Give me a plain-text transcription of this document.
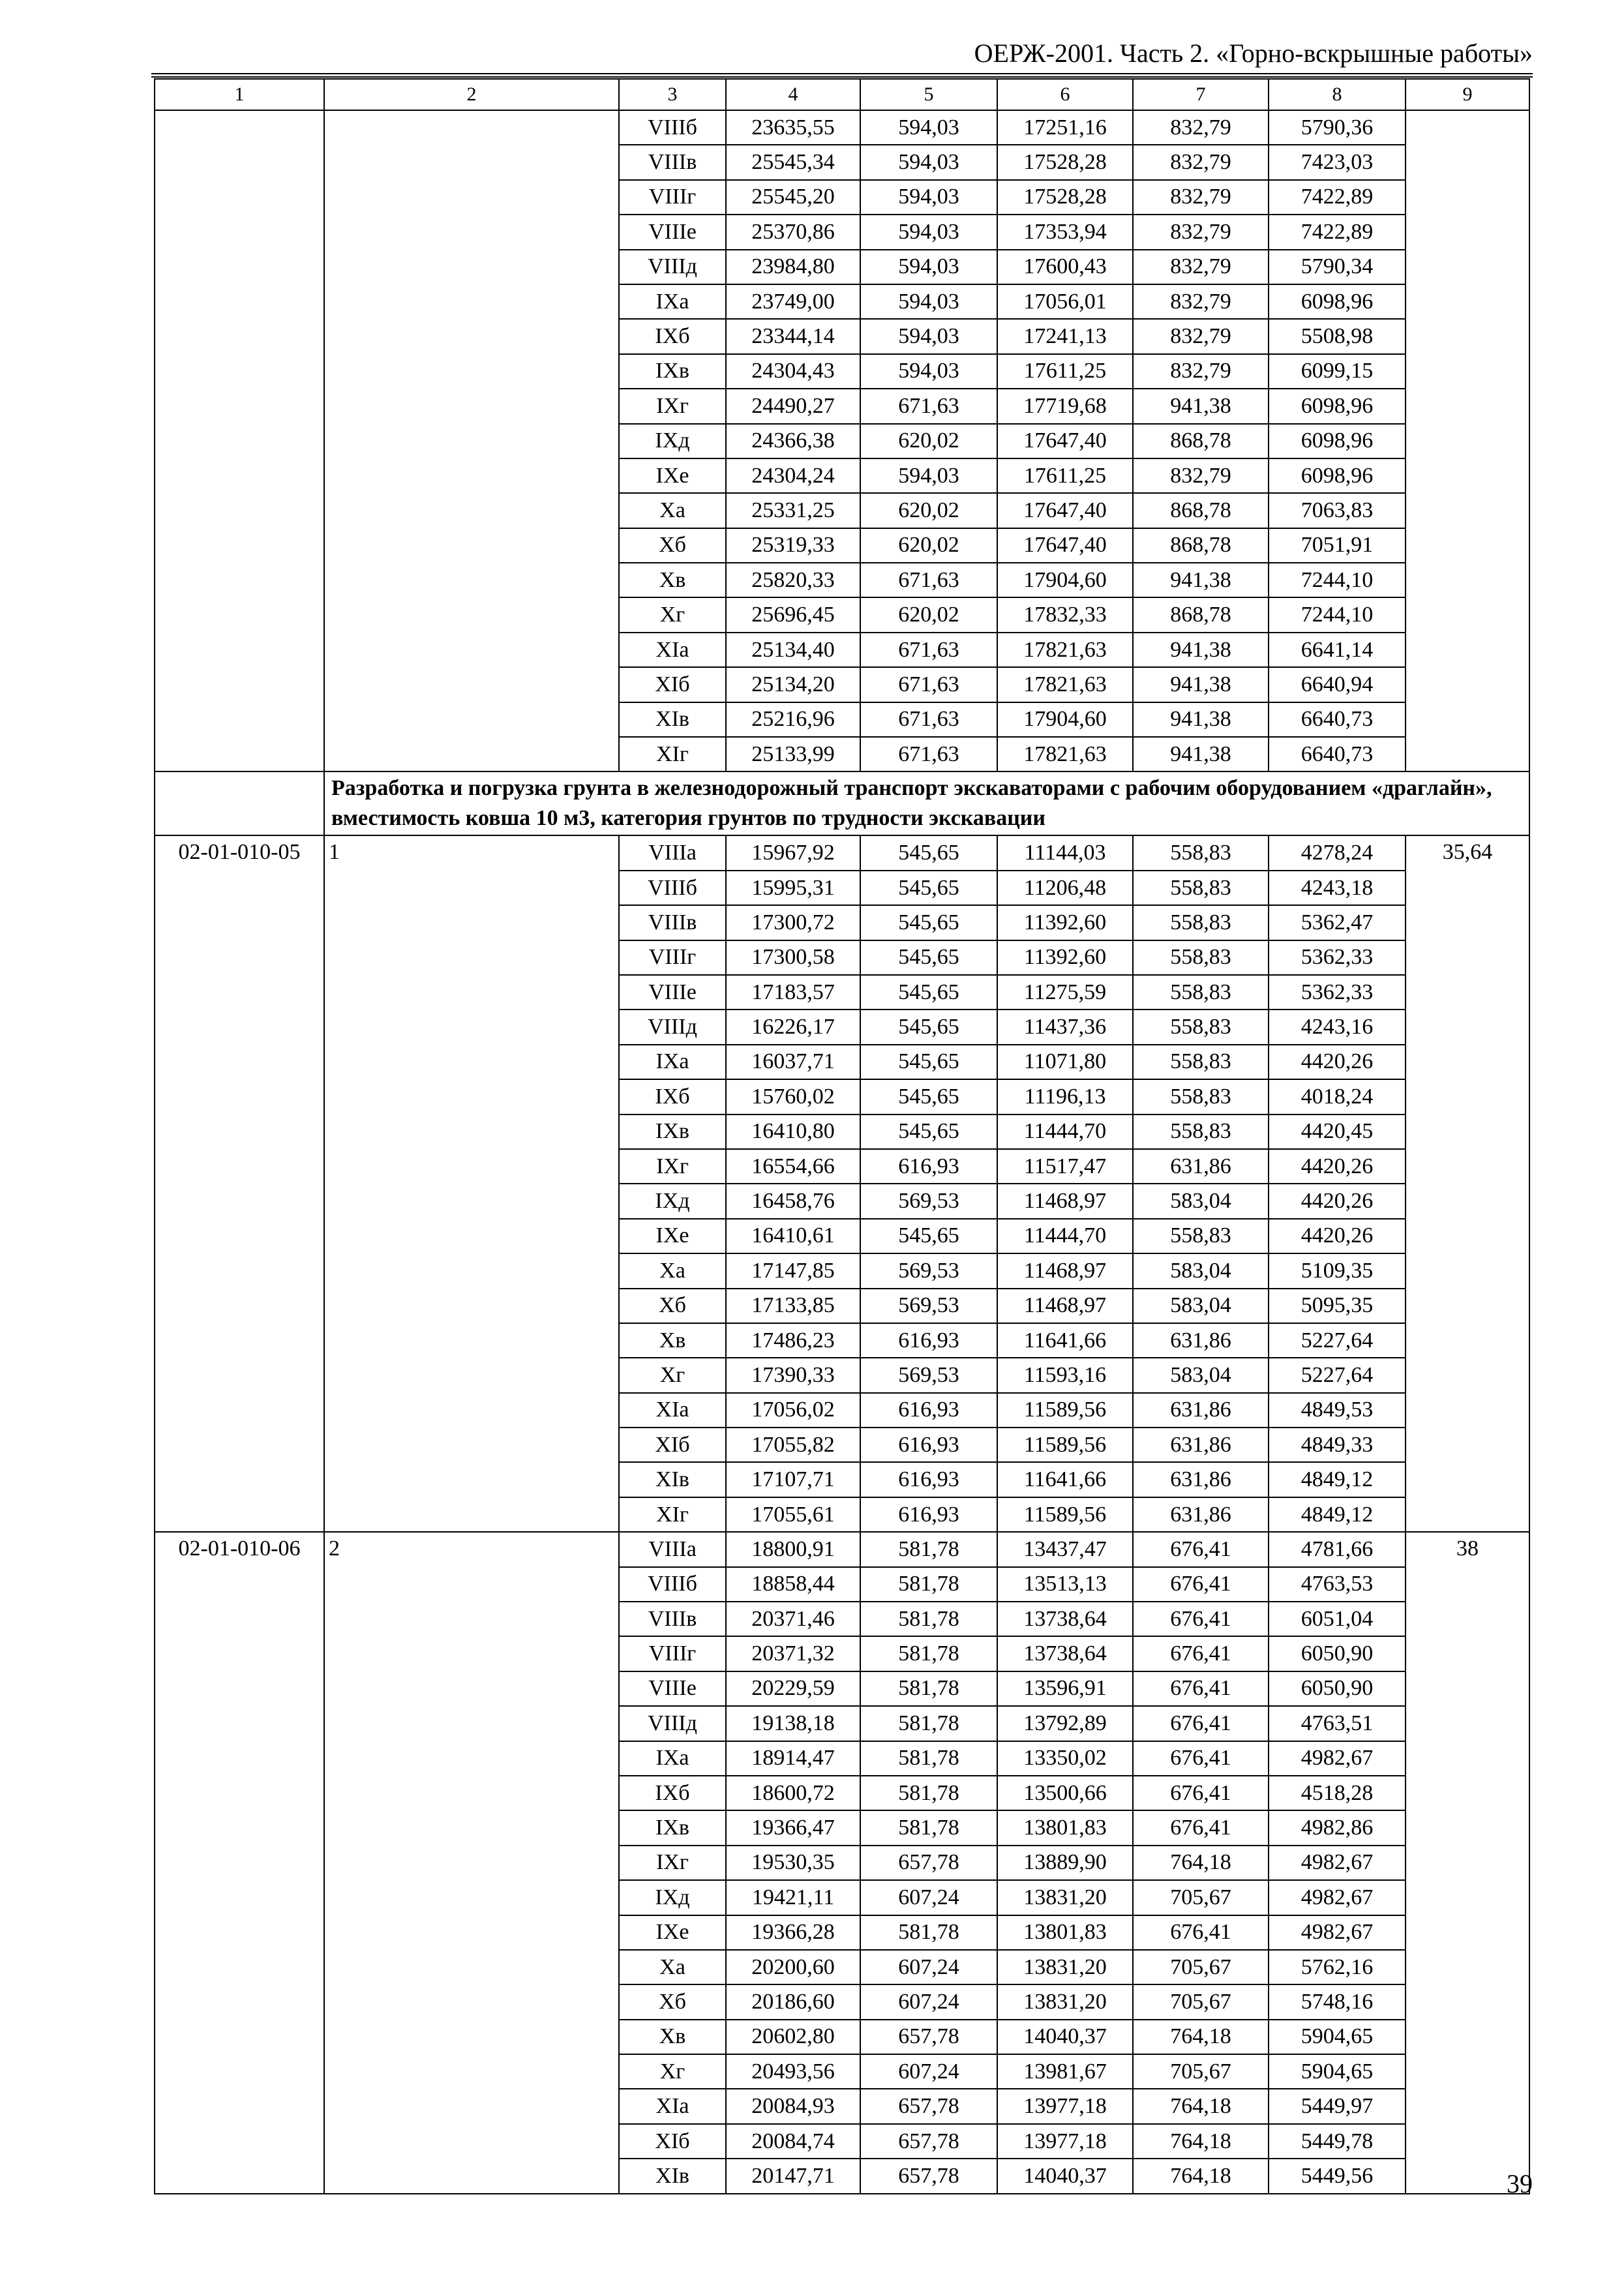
ОЕРЖ-2001. Часть 2. «Горно-вскрышные работы»
1	2	3	4	5	6	7	8	9
		VIIIб	23635,55	594,03	17251,16	832,79	5790,36	
		VIIIв	25545,34	594,03	17528,28	832,79	7423,03	
		VIIIг	25545,20	594,03	17528,28	832,79	7422,89	
		VIIIе	25370,86	594,03	17353,94	832,79	7422,89	
		VIIIд	23984,80	594,03	17600,43	832,79	5790,34	
		IXа	23749,00	594,03	17056,01	832,79	6098,96	
		IXб	23344,14	594,03	17241,13	832,79	5508,98	
		IXв	24304,43	594,03	17611,25	832,79	6099,15	
		IXг	24490,27	671,63	17719,68	941,38	6098,96	
		IXд	24366,38	620,02	17647,40	868,78	6098,96	
		IXе	24304,24	594,03	17611,25	832,79	6098,96	
		Xа	25331,25	620,02	17647,40	868,78	7063,83	
		Xб	25319,33	620,02	17647,40	868,78	7051,91	
		Xв	25820,33	671,63	17904,60	941,38	7244,10	
		Xг	25696,45	620,02	17832,33	868,78	7244,10	
		XIа	25134,40	671,63	17821,63	941,38	6641,14	
		XIб	25134,20	671,63	17821,63	941,38	6640,94	
		XIв	25216,96	671,63	17904,60	941,38	6640,73	
		XIг	25133,99	671,63	17821,63	941,38	6640,73	
	Разработка и погрузка грунта в железнодорожный транспорт экскаваторами с рабочим оборудованием «драглайн», вместимость ковша 10 м3, категория грунтов по трудности экскавации							
02-01-010-05	1	VIIIа	15967,92	545,65	11144,03	558,83	4278,24	35,64
		VIIIб	15995,31	545,65	11206,48	558,83	4243,18	
		VIIIв	17300,72	545,65	11392,60	558,83	5362,47	
		VIIIг	17300,58	545,65	11392,60	558,83	5362,33	
		VIIIе	17183,57	545,65	11275,59	558,83	5362,33	
		VIIIд	16226,17	545,65	11437,36	558,83	4243,16	
		IXа	16037,71	545,65	11071,80	558,83	4420,26	
		IXб	15760,02	545,65	11196,13	558,83	4018,24	
		IXв	16410,80	545,65	11444,70	558,83	4420,45	
		IXг	16554,66	616,93	11517,47	631,86	4420,26	
		IXд	16458,76	569,53	11468,97	583,04	4420,26	
		IXе	16410,61	545,65	11444,70	558,83	4420,26	
		Xа	17147,85	569,53	11468,97	583,04	5109,35	
		Xб	17133,85	569,53	11468,97	583,04	5095,35	
		Xв	17486,23	616,93	11641,66	631,86	5227,64	
		Xг	17390,33	569,53	11593,16	583,04	5227,64	
		XIа	17056,02	616,93	11589,56	631,86	4849,53	
		XIб	17055,82	616,93	11589,56	631,86	4849,33	
		XIв	17107,71	616,93	11641,66	631,86	4849,12	
		XIг	17055,61	616,93	11589,56	631,86	4849,12	
02-01-010-06	2	VIIIа	18800,91	581,78	13437,47	676,41	4781,66	38
		VIIIб	18858,44	581,78	13513,13	676,41	4763,53	
		VIIIв	20371,46	581,78	13738,64	676,41	6051,04	
		VIIIг	20371,32	581,78	13738,64	676,41	6050,90	
		VIIIе	20229,59	581,78	13596,91	676,41	6050,90	
		VIIIд	19138,18	581,78	13792,89	676,41	4763,51	
		IXа	18914,47	581,78	13350,02	676,41	4982,67	
		IXб	18600,72	581,78	13500,66	676,41	4518,28	
		IXв	19366,47	581,78	13801,83	676,41	4982,86	
		IXг	19530,35	657,78	13889,90	764,18	4982,67	
		IXд	19421,11	607,24	13831,20	705,67	4982,67	
		IXе	19366,28	581,78	13801,83	676,41	4982,67	
		Xа	20200,60	607,24	13831,20	705,67	5762,16	
		Xб	20186,60	607,24	13831,20	705,67	5748,16	
		Xв	20602,80	657,78	14040,37	764,18	5904,65	
		Xг	20493,56	607,24	13981,67	705,67	5904,65	
		XIа	20084,93	657,78	13977,18	764,18	5449,97	
		XIб	20084,74	657,78	13977,18	764,18	5449,78	
		XIв	20147,71	657,78	14040,37	764,18	5449,56		39
